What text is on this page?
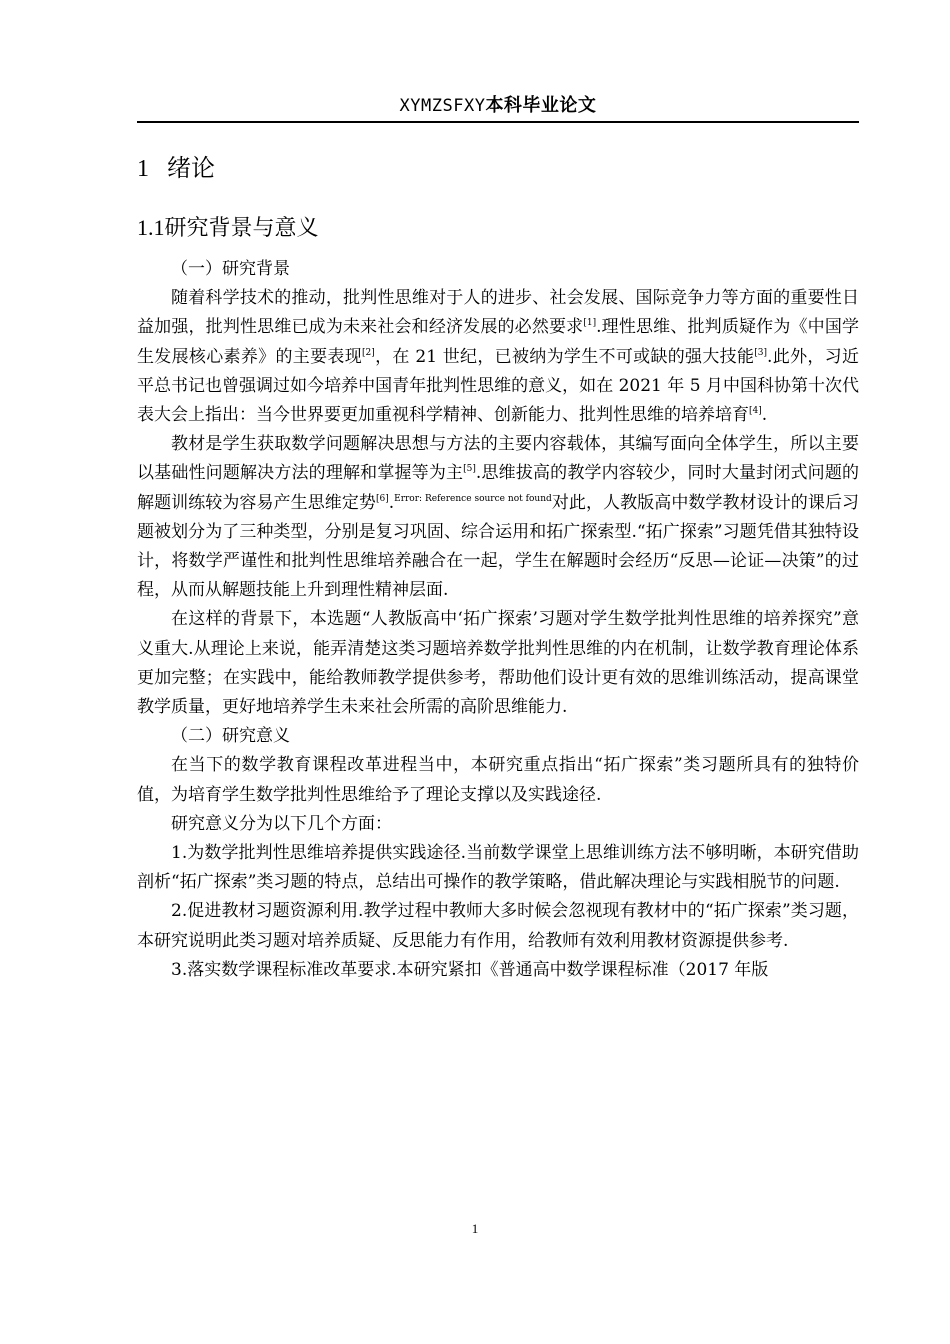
XYMZSFXY本科毕业论文
1 绪论
1.1研究背景与意义

（一）研究背景

随着科学技术的推动，批判性思维对于人的进步、社会发展、国际竞争力等方面的重要性日益加强，批判性思维已成为未来社会和经济发展的必然要求[1].理性思维、批判质疑作为《中国学生发展核心素养》的主要表现[2]，在 21 世纪，已被纳为学生不可或缺的强大技能[3].此外，习近平总书记也曾强调过如今培养中国青年批判性思维的意义，如在 2021 年 5 月中国科协第十次代表大会上指出：当今世界要更加重视科学精神、创新能力、批判性思维的培养培育[4].

教材是学生获取数学问题解决思想与方法的主要内容载体，其编写面向全体学生，所以主要以基础性问题解决方法的理解和掌握等为主[5].思维拔高的教学内容较少，同时大量封闭式问题的解题训练较为容易产生思维定势[6].$^{Error: Reference source not found}$对此，人教版高中数学教材设计的课后习题被划分为了三种类型，分别是复习巩固、综合运用和拓广探索型.“拓广探索”习题凭借其独特设计，将数学严谨性和批判性思维培养融合在一起，学生在解题时会经历“反思—论证—决策”的过程，从而从解题技能上升到理性精神层面.

在这样的背景下，本选题“人教版高中‘拓广探索’习题对学生数学批判性思维的培养探究”意义重大.从理论上来说，能弄清楚这类习题培养数学批判性思维的内在机制，让数学教育理论体系更加完整；在实践中，能给教师教学提供参考，帮助他们设计更有效的思维训练活动，提高课堂教学质量，更好地培养学生未来社会所需的高阶思维能力.

（二）研究意义

在当下的数学教育课程改革进程当中，本研究重点指出“拓广探索”类习题所具有的独特价值，为培育学生数学批判性思维给予了理论支撑以及实践途径.

研究意义分为以下几个方面：

1.为数学批判性思维培养提供实践途径.当前数学课堂上思维训练方法不够明晰，本研究借助剖析“拓广探索”类习题的特点，总结出可操作的教学策略，借此解决理论与实践相脱节的问题.

2.促进教材习题资源利用.教学过程中教师大多时候会忽视现有教材中的“拓广探索”类习题，本研究说明此类习题对培养质疑、反思能力有作用，给教师有效利用教材资源提供参考.

3.落实数学课程标准改革要求.本研究紧扣《普通高中数学课程标准（2017 年版

1
